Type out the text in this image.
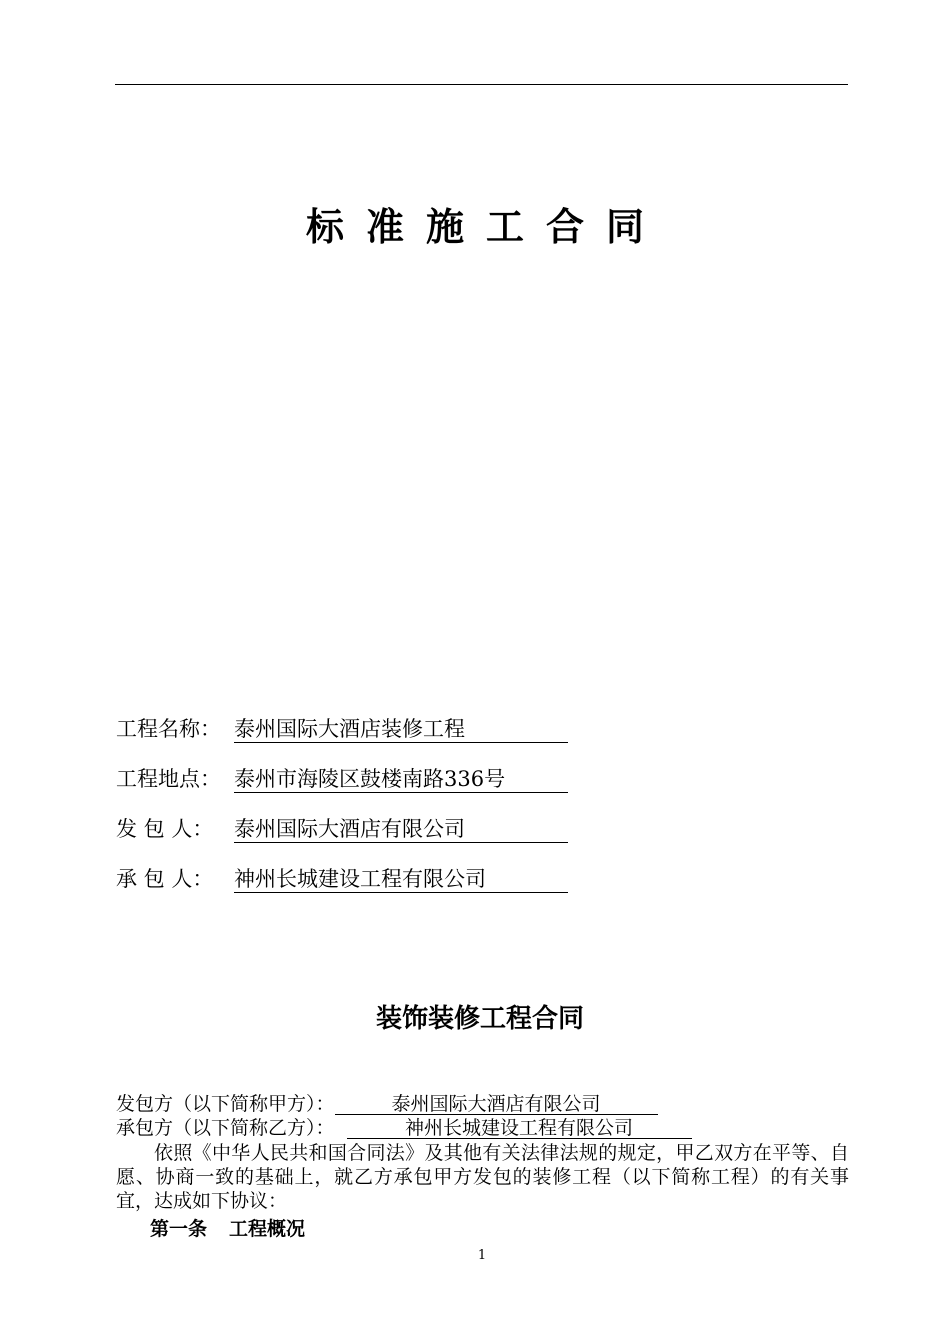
标准施工合同
工程名称： 泰州国际大酒店装修工程
工程地点： 泰州市海陵区鼓楼南路336号
发 包 人： 泰州国际大酒店有限公司
承 包 人： 神州长城建设工程有限公司
装饰装修工程合同
发包方（以下简称甲方）：	泰州国际大酒店有限公司
承包方（以下简称乙方）：	神州长城建设工程有限公司

依照《中华人民共和国合同法》及其他有关法律法规的规定，甲乙双方在平等、自愿、协商一致的基础上，就乙方承包甲方发包的装修工程（以下简称工程）的有关事宜，达成如下协议：

第一条 工程概况
1
